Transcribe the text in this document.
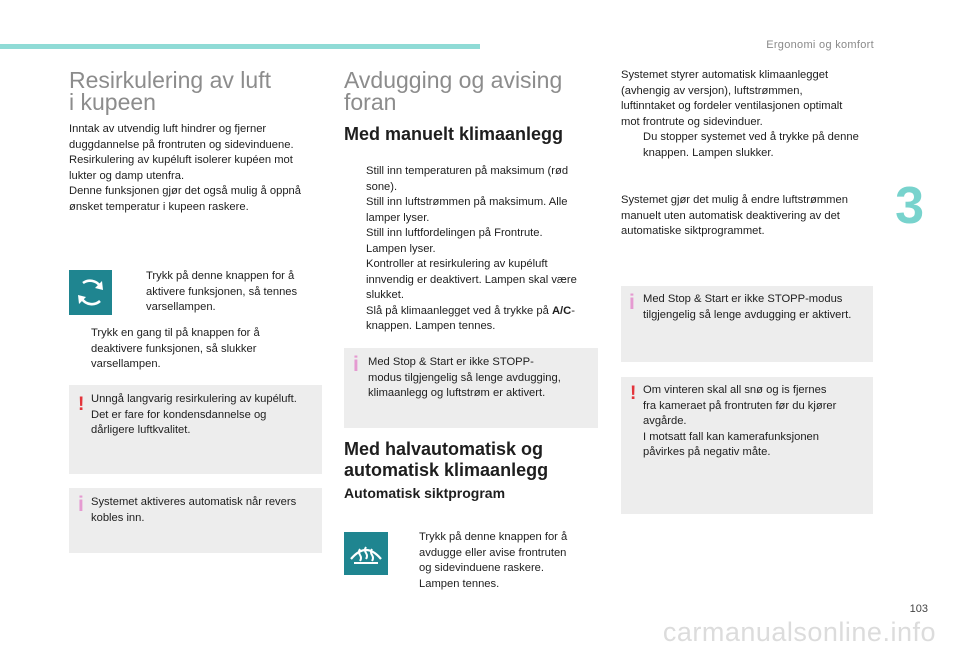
Ergonomi og komfort
3
103
carmanualsonline.info
Resirkulering av luft
i kupeen
Inntak av utvendig luft hindrer og fjerner
duggdannelse på frontruten og sidevinduene.
Resirkulering av kupéluft isolerer kupéen mot
lukter og damp utenfra.
Denne funksjonen gjør det også mulig å oppnå
ønsket temperatur i kupeen raskere.
Trykk på denne knappen for å
aktivere funksjonen, så tennes
varsellampen.
Trykk en gang til på knappen for å
deaktivere funksjonen, så slukker
varsellampen.
! Unngå langvarig resirkulering av kupéluft.
Det er fare for kondensdannelse og
dårligere luftkvalitet.
i Systemet aktiveres automatisk når revers
kobles inn.
Avdugging og avising
foran
Med manuelt klimaanlegg
Still inn temperaturen på maksimum (rød
sone).
Still inn luftstrømmen på maksimum. Alle
lamper lyser.
Still inn luftfordelingen på Frontrute.
Lampen lyser.
Kontroller at resirkulering av kupéluft
innvendig er deaktivert. Lampen skal være
slukket.
Slå på klimaanlegget ved å trykke på A/C-
knappen. Lampen tennes.
i Med Stop & Start er ikke STOPP-
modus tilgjengelig så lenge avdugging,
klimaanlegg og luftstrøm er aktivert.
Med halvautomatisk og
automatisk klimaanlegg
Automatisk siktprogram
Trykk på denne knappen for å
avdugge eller avise frontruten
og sidevinduene raskere.
Lampen tennes.
Systemet styrer automatisk klimaanlegget
(avhengig av versjon), luftstrømmen,
luftinntaket og fordeler ventilasjonen optimalt
mot frontrute og sidevinduer.
Du stopper systemet ved å trykke på denne
knappen. Lampen slukker.
Systemet gjør det mulig å endre luftstrømmen
manuelt uten automatisk deaktivering av det
automatiske siktprogrammet.
i Med Stop & Start er ikke STOPP-modus
tilgjengelig så lenge avdugging er aktivert.
! Om vinteren skal all snø og is fjernes
fra kameraet på frontruten før du kjører
avgårde.
I motsatt fall kan kamerafunksjonen
påvirkes på negativ måte.
